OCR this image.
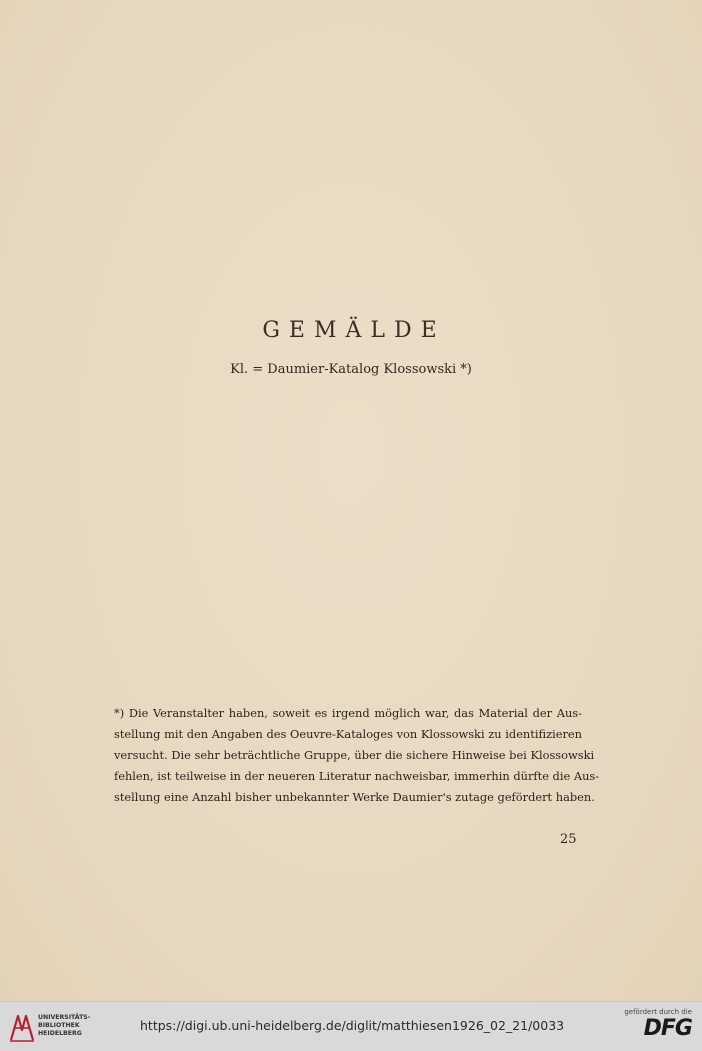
GEMÄLDE
Kl. = Daumier-Katalog Klossowski *)
*) Die Veranstalter haben, soweit es irgend möglich war, das Material der Aus-
stellung mit den Angaben des Oeuvre-Kataloges von Klossowski zu identifizieren
versucht. Die sehr beträchtliche Gruppe, über die sichere Hinweise bei Klossowski
fehlen, ist teilweise in der neueren Literatur nachweisbar, immerhin dürfte die Aus-
stellung eine Anzahl bisher unbekannter Werke Daumier's zutage gefördert haben.
25
UNIVERSITÄTS-
BIBLIOTHEK
HEIDELBERG
https://digi.ub.uni-heidelberg.de/diglit/matthiesen1926_02_21/0033
gefördert durch die
DFG
